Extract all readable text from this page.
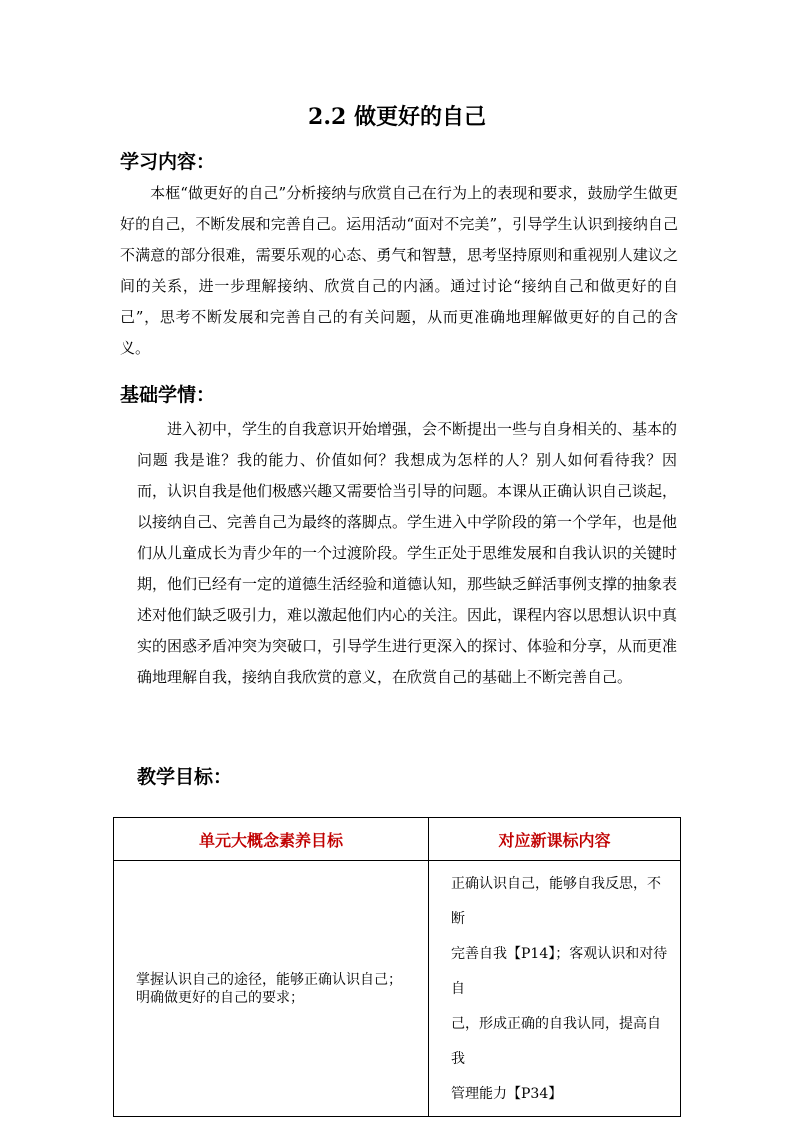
2.2 做更好的自己
学习内容：
　　本框“做更好的自己”分析接纳与欣赏自己在行为上的表现和要求，鼓励学生做更好的自己，不断发展和完善自己。运用活动“面对不完美”，引导学生认识到接纳自己不满意的部分很难，需要乐观的心态、勇气和智慧，思考坚持原则和重视别人建议之间的关系，进一步理解接纳、欣赏自己的内涵。通过讨论“接纳自己和做更好的自己”，思考不断发展和完善自己的有关问题，从而更准确地理解做更好的自己的含义。
基础学情：
　　进入初中，学生的自我意识开始增强，会不断提出一些与自身相关的、基本的问题 我是谁？我的能力、价值如何？我想成为怎样的人？别人如何看待我？因而，认识自我是他们极感兴趣又需要恰当引导的问题。本课从正确认识自己谈起，以接纳自己、完善自己为最终的落脚点。学生进入中学阶段的第一个学年，也是他们从儿童成长为青少年的一个过渡阶段。学生正处于思维发展和自我认识的关键时期，他们已经有一定的道德生活经验和道德认知，那些缺乏鲜活事例支撑的抽象表述对他们缺乏吸引力，难以激起他们内心的关注。因此，课程内容以思想认识中真实的困惑矛盾冲突为突破口，引导学生进行更深入的探讨、体验和分享，从而更准确地理解自我，接纳自我欣赏的意义，在欣赏自己的基础上不断完善自己。
教学目标：
单元大概念素养目标	对应新课标内容

掌握认识自己的途径，能够正确认识自己；
明确做更好的自己的要求；	正确认识自己，能够自我反思，不断
完善自我【P14】；客观认识和对待自
己，形成正确的自我认同，提高自我
管理能力【P34】
